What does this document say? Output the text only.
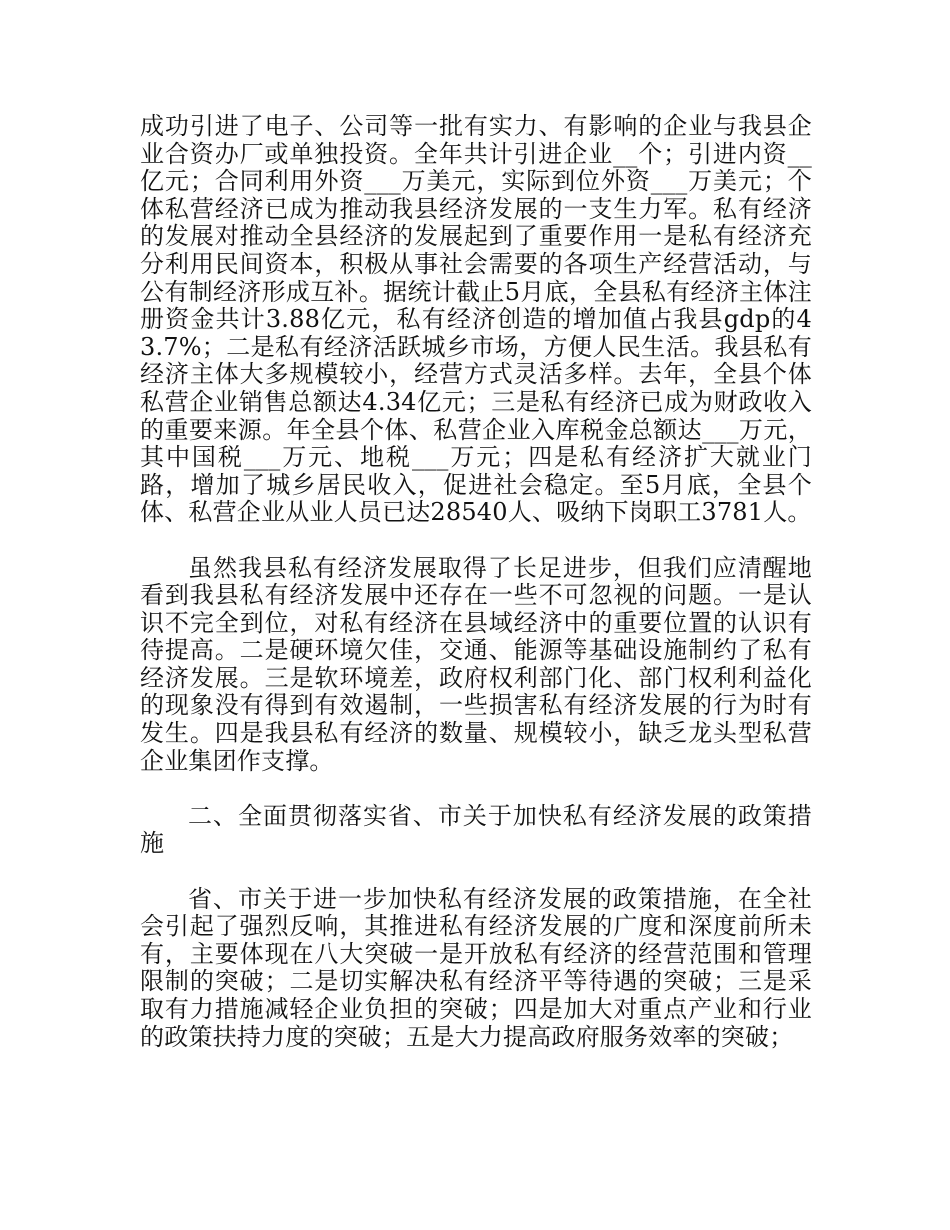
成功引进了电子、公司等一批有实力、有影响的企业与我县企业合资办厂或单独投资。全年共计引进企业__个；引进内资__亿元；合同利用外资___万美元，实际到位外资___万美元；个体私营经济已成为推动我县经济发展的一支生力军。私有经济的发展对推动全县经济的发展起到了重要作用一是私有经济充分利用民间资本，积极从事社会需要的各项生产经营活动，与公有制经济形成互补。据统计截止5月底，全县私有经济主体注册资金共计3.88亿元，私有经济创造的增加值占我县gdp的43.7%；二是私有经济活跃城乡市场，方便人民生活。我县私有经济主体大多规模较小，经营方式灵活多样。去年，全县个体私营企业销售总额达4.34亿元；三是私有经济已成为财政收入的重要来源。年全县个体、私营企业入库税金总额达___万元，其中国税___万元、地税___万元；四是私有经济扩大就业门路，增加了城乡居民收入，促进社会稳定。至5月底，全县个体、私营企业从业人员已达28540人、吸纳下岗职工3781人。

虽然我县私有经济发展取得了长足进步，但我们应清醒地看到我县私有经济发展中还存在一些不可忽视的问题。一是认识不完全到位，对私有经济在县域经济中的重要位置的认识有待提高。二是硬环境欠佳，交通、能源等基础设施制约了私有经济发展。三是软环境差，政府权利部门化、部门权利利益化的现象没有得到有效遏制，一些损害私有经济发展的行为时有发生。四是我县私有经济的数量、规模较小，缺乏龙头型私营企业集团作支撑。

二、全面贯彻落实省、市关于加快私有经济发展的政策措施

省、市关于进一步加快私有经济发展的政策措施，在全社会引起了强烈反响，其推进私有经济发展的广度和深度前所未有，主要体现在八大突破一是开放私有经济的经营范围和管理限制的突破；二是切实解决私有经济平等待遇的突破；三是采取有力措施减轻企业负担的突破；四是加大对重点产业和行业的政策扶持力度的突破；五是大力提高政府服务效率的突破；
